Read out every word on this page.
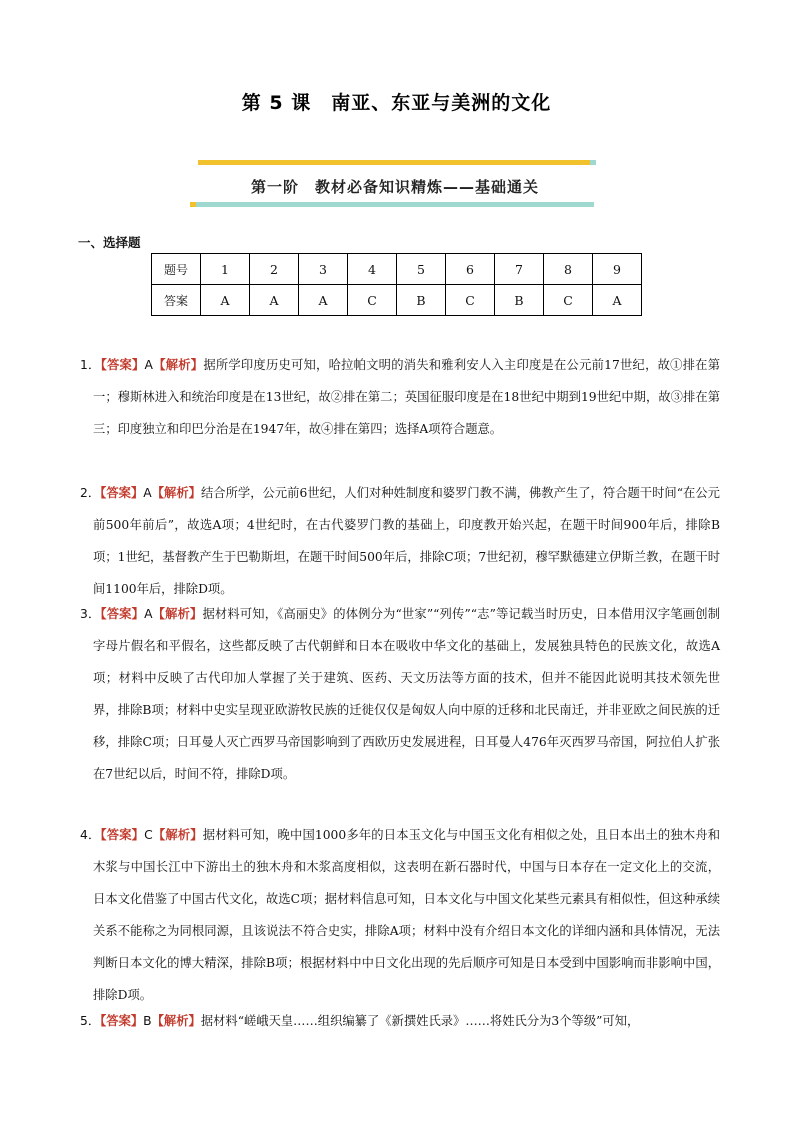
第 5 课　南亚、东亚与美洲的文化
第一阶　教材必备知识精炼——基础通关
一、选择题
题号	1	2	3	4	5	6	7	8	9
答案	A	A	A	C	B	C	B	C	A
1．【答案】A【解析】据所学印度历史可知，哈拉帕文明的消失和雅利安人入主印度是在公元前17世纪，故①排在第一；穆斯林进入和统治印度是在13世纪，故②排在第二；英国征服印度是在18世纪中期到19世纪中期，故③排在第三；印度独立和印巴分治是在1947年，故④排在第四；选择A项符合题意。
2．【答案】A【解析】结合所学，公元前6世纪，人们对种姓制度和婆罗门教不满，佛教产生了，符合题干时间“在公元前500年前后”，故选A项；4世纪时，在古代婆罗门教的基础上，印度教开始兴起，在题干时间900年后，排除B项；1世纪，基督教产生于巴勒斯坦，在题干时间500年后，排除C项；7世纪初，穆罕默德建立伊斯兰教，在题干时间1100年后，排除D项。
3．【答案】A【解析】据材料可知，《高丽史》的体例分为“世家”“列传”“志”等记载当时历史，日本借用汉字笔画创制字母片假名和平假名，这些都反映了古代朝鲜和日本在吸收中华文化的基础上，发展独具特色的民族文化，故选A项；材料中反映了古代印加人掌握了关于建筑、医药、天文历法等方面的技术，但并不能因此说明其技术领先世界，排除B项；材料中史实呈现亚欧游牧民族的迁徙仅仅是匈奴人向中原的迁移和北民南迁，并非亚欧之间民族的迁移，排除C项；日耳曼人灭亡西罗马帝国影响到了西欧历史发展进程，日耳曼人476年灭西罗马帝国，阿拉伯人扩张在7世纪以后，时间不符，排除D项。
4．【答案】C【解析】据材料可知，晚中国1000多年的日本玉文化与中国玉文化有相似之处，且日本出土的独木舟和木浆与中国长江中下游出土的独木舟和木浆高度相似，这表明在新石器时代，中国与日本存在一定文化上的交流，日本文化借鉴了中国古代文化，故选C项；据材料信息可知，日本文化与中国文化某些元素具有相似性，但这种承续关系不能称之为同根同源，且该说法不符合史实，排除A项；材料中没有介绍日本文化的详细内涵和具体情况，无法判断日本文化的博大精深，排除B项；根据材料中中日文化出现的先后顺序可知是日本受到中国影响而非影响中国，排除D项。
5．【答案】B【解析】据材料“嵯峨天皇……组织编纂了《新撰姓氏录》……将姓氏分为3个等级”可知，
